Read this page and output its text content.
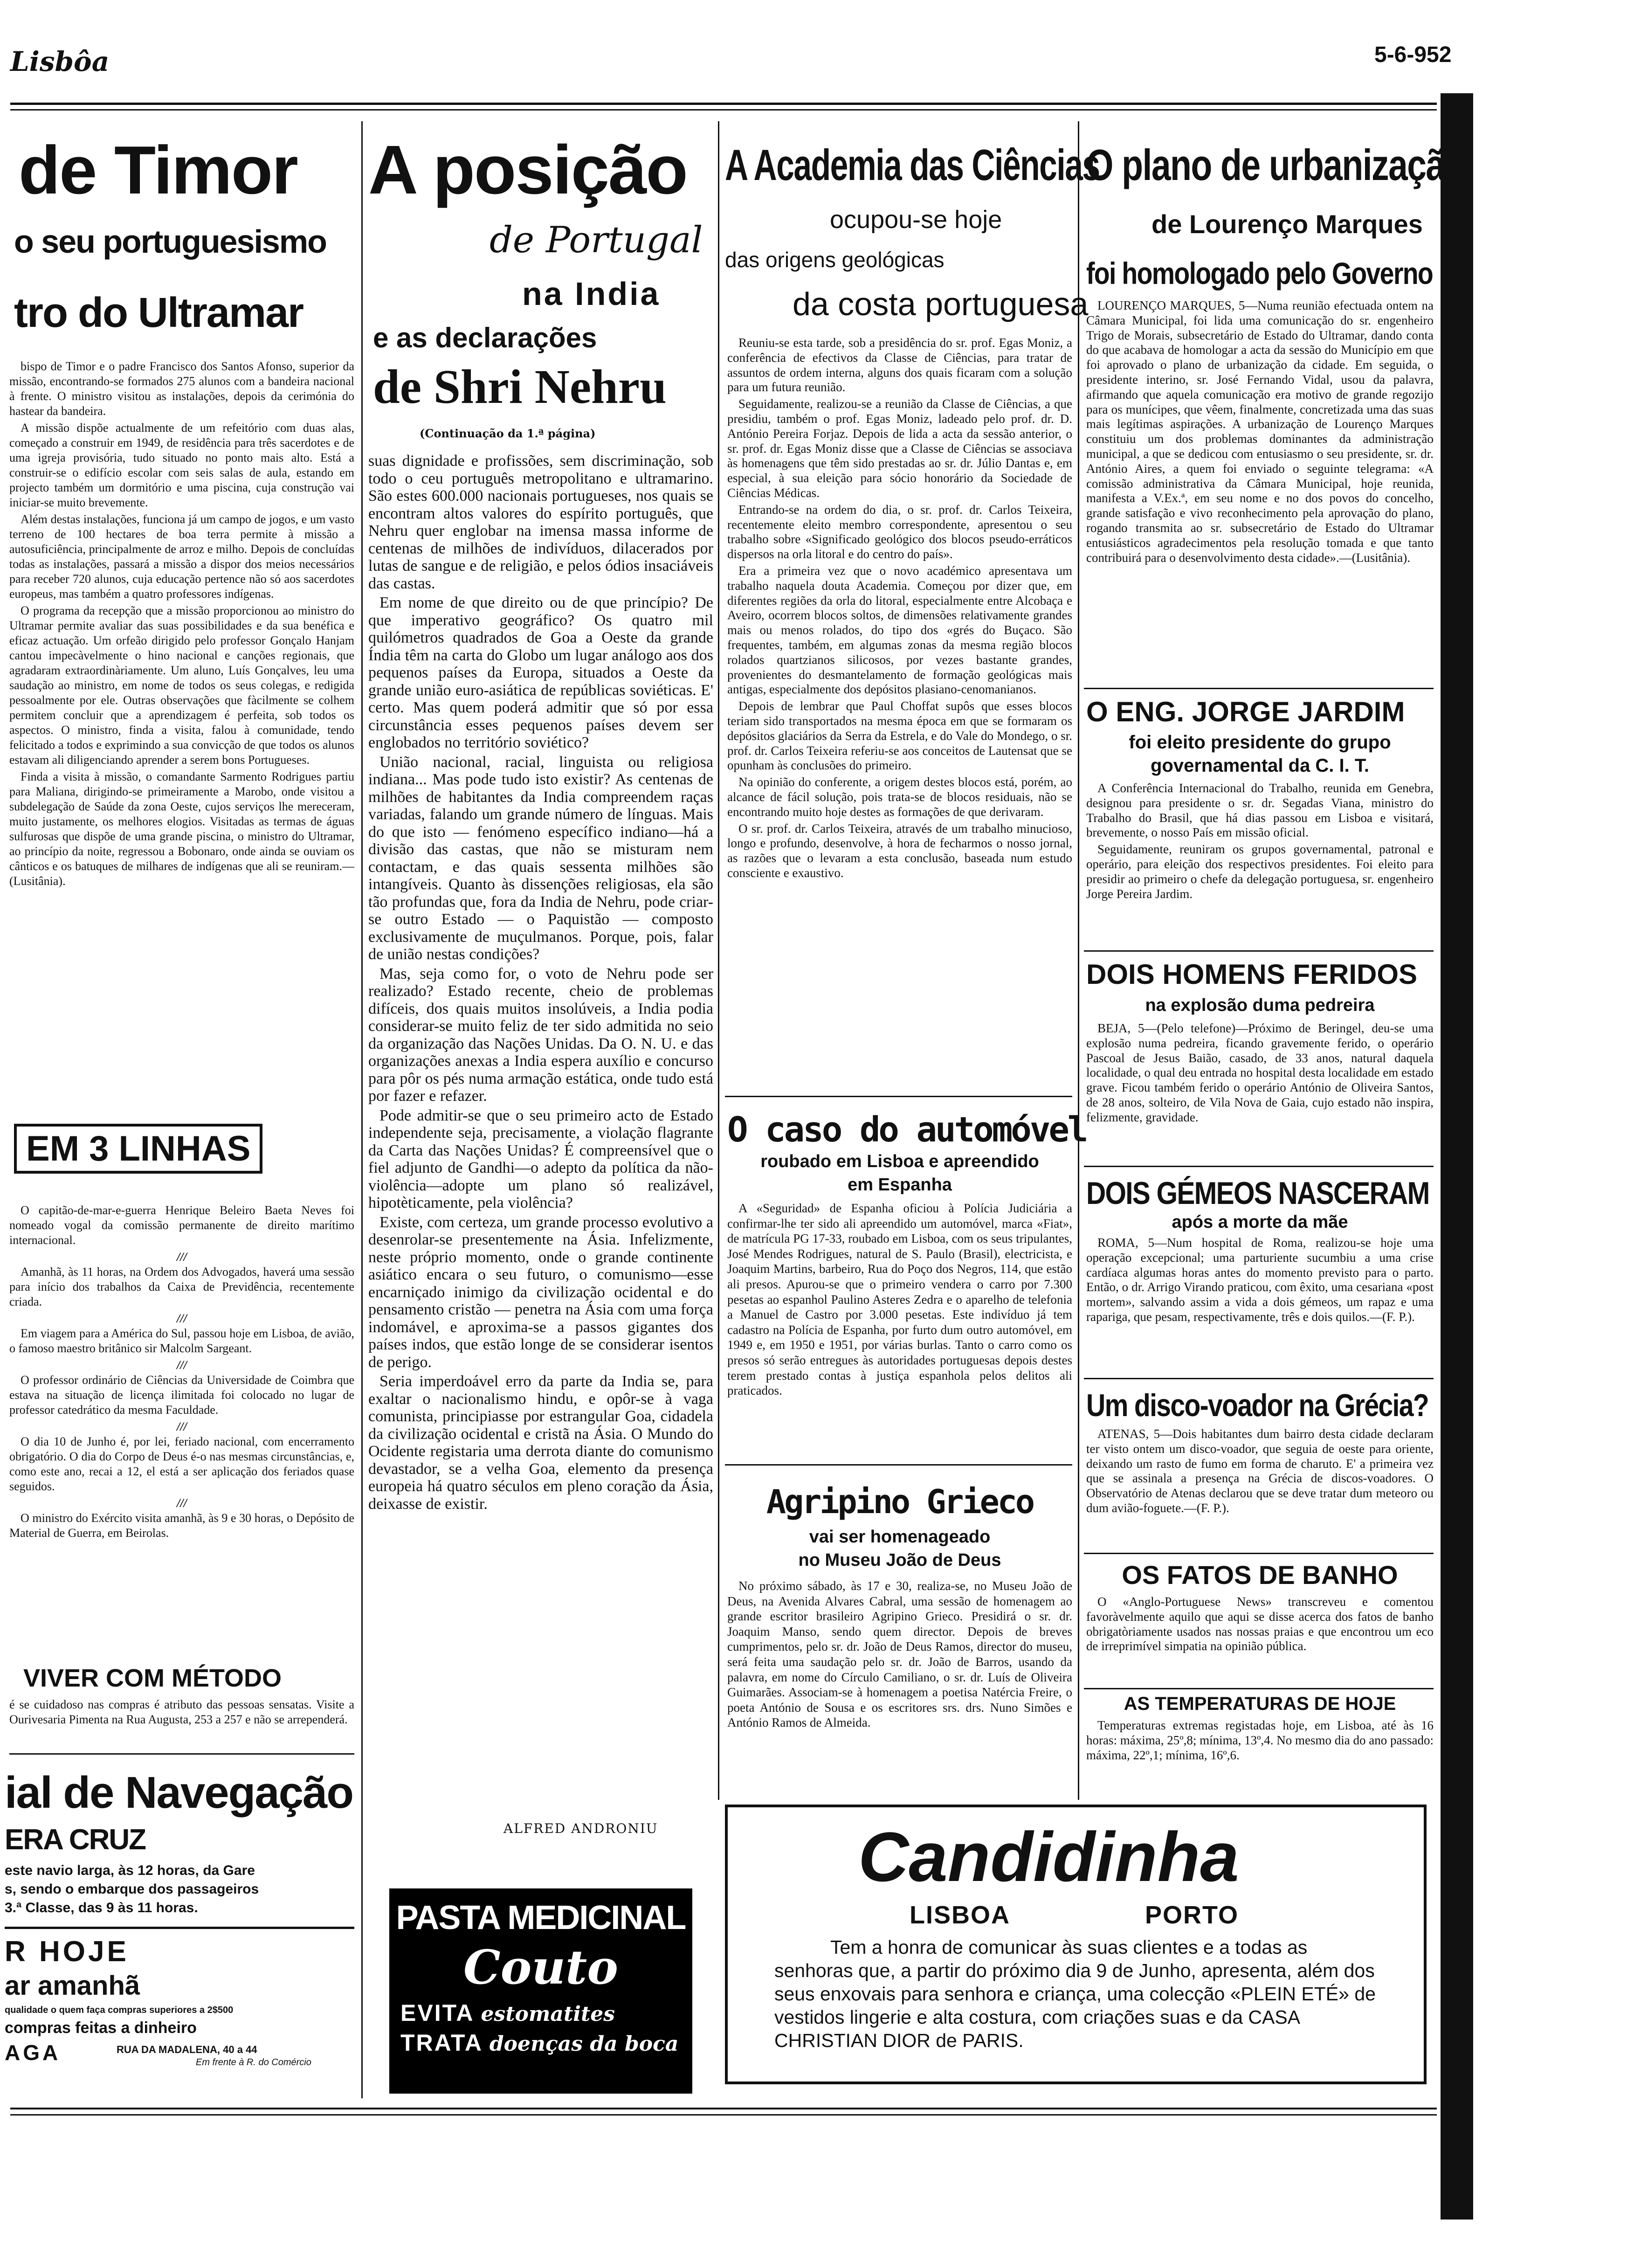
Lisbôa	5-6-952
de Timor
o seu portuguesismo
tro do Ultramar

bispo de Timor e o padre Francisco dos Santos Afonso, superior da missão, encontrando-se formados 275 alunos com a bandeira nacional à frente. O ministro visitou as instalações, depois da cerimónia do hastear da bandeira.

A missão dispõe actualmente de um refeitório com duas alas, começado a construir em 1949, de residência para três sacerdotes e de uma igreja provisória, tudo situado no ponto mais alto. Está a construir-se o edifício escolar com seis salas de aula, estando em projecto também um dormitório e uma piscina, cuja construção vai iniciar-se muito brevemente.

Além destas instalações, funciona já um campo de jogos, e um vasto terreno de 100 hectares de boa terra permite à missão a autosuficiência, principalmente de arroz e milho. Depois de concluídas todas as instalações, passará a missão a dispor dos meios necessários para receber 720 alunos, cuja educação pertence não só aos sacerdotes europeus, mas também a quatro professores indígenas.

O programa da recepção que a missão proporcionou ao ministro do Ultramar permite avaliar das suas possibilidades e da sua benéfica e eficaz actuação. Um orfeão dirigido pelo professor Gonçalo Hanjam cantou impecàvelmente o hino nacional e canções regionais, que agradaram extraordinàriamente. Um aluno, Luís Gonçalves, leu uma saudação ao ministro, em nome de todos os seus colegas, e redigida pessoalmente por ele. Outras observações que fàcilmente se colhem permitem concluir que a aprendizagem é perfeita, sob todos os aspectos. O ministro, finda a visita, falou à comunidade, tendo felicitado a todos e exprimindo a sua convicção de que todos os alunos estavam ali diligenciando aprender a serem bons Portugueses.

Finda a visita à missão, o comandante Sarmento Rodrigues partiu para Maliana, dirigindo-se primeiramente a Marobo, onde visitou a subdelegação de Saúde da zona Oeste, cujos serviços lhe mereceram, muito justamente, os melhores elogios. Visitadas as termas de águas sulfurosas que dispõe de uma grande piscina, o ministro do Ultramar, ao princípio da noite, regressou a Bobonaro, onde ainda se ouviam os cânticos e os batuques de milhares de indígenas que ali se reuniram.—(Lusitânia).

EM 3 LINHAS

O capitão-de-mar-e-guerra Henrique Beleiro Baeta Neves foi nomeado vogal da comissão permanente de direito marítimo internacional.

///

Amanhã, às 11 horas, na Ordem dos Advogados, haverá uma sessão para início dos trabalhos da Caixa de Previdência, recentemente criada.

///

Em viagem para a América do Sul, passou hoje em Lisboa, de avião, o famoso maestro britânico sir Malcolm Sargeant.

///

O professor ordinário de Ciências da Universidade de Coimbra que estava na situação de licença ilimitada foi colocado no lugar de professor catedrático da mesma Faculdade.

///

O dia 10 de Junho é, por lei, feriado nacional, com encerramento obrigatório. O dia do Corpo de Deus é-o nas mesmas circunstâncias, e, como este ano, recai a 12, el está a ser aplicação dos feriados quase seguidos.

///

O ministro do Exército visita amanhã, às 9 e 30 horas, o Depósito de Material de Guerra, em Beirolas.

VIVER COM MÉTODO
é se cuidadoso nas compras é atributo das pessoas sensatas. Visite a Ourivesaria Pimenta na Rua Augusta, 253 a 257 e não se arrependerá.
ial de Navegação
ERA CRUZ
este navio larga, às 12 horas, da Gare
s, sendo o embarque dos passageiros
3.ª Classe, das 9 às 11 horas.
R HOJE
ar amanhã
qualidade o quem faça compras superiores a 2$500
compras feitas a dinheiro
AGA	RUA DA MADALENA, 40 a 44
Em frente à R. do Comércio
A posição
de Portugal
na India
e as declarações
de Shri Nehru
(Continuação da 1.ª página)

suas dignidade e profissões, sem discriminação, sob todo o ceu português metropolitano e ultramarino. São estes 600.000 nacionais portugueses, nos quais se encontram altos valores do espírito português, que Nehru quer englobar na imensa massa informe de centenas de milhões de indivíduos, dilacerados por lutas de sangue e de religião, e pelos ódios insaciáveis das castas.

Em nome de que direito ou de que princípio? De que imperativo geográfico? Os quatro mil quilómetros quadrados de Goa a Oeste da grande Índia têm na carta do Globo um lugar análogo aos dos pequenos países da Europa, situados a Oeste da grande união euro-asiática de repúblicas soviéticas. E' certo. Mas quem poderá admitir que só por essa circunstância esses pequenos países devem ser englobados no território soviético?

União nacional, racial, linguista ou religiosa indiana... Mas pode tudo isto existir? As centenas de milhões de habitantes da India compreendem raças variadas, falando um grande número de línguas. Mais do que isto — fenómeno específico indiano—há a divisão das castas, que não se misturam nem contactam, e das quais sessenta milhões são intangíveis. Quanto às dissenções religiosas, ela são tão profundas que, fora da India de Nehru, pode criar-se outro Estado — o Paquistão — composto exclusivamente de muçulmanos. Porque, pois, falar de união nestas condições?

Mas, seja como for, o voto de Nehru pode ser realizado? Estado recente, cheio de problemas difíceis, dos quais muitos insolúveis, a India podia considerar-se muito feliz de ter sido admitida no seio da organização das Nações Unidas. Da O. N. U. e das organizações anexas a India espera auxílio e concurso para pôr os pés numa armação estática, onde tudo está por fazer e refazer.

Pode admitir-se que o seu primeiro acto de Estado independente seja, precisamente, a violação flagrante da Carta das Nações Unidas? É compreensível que o fiel adjunto de Gandhi—o adepto da política da não-violência—adopte um plano só realizável, hipotèticamente, pela violência?

Existe, com certeza, um grande processo evolutivo a desenrolar-se presentemente na Ásia. Infelizmente, neste próprio momento, onde o grande continente asiático encara o seu futuro, o comunismo—esse encarniçado inimigo da civilização ocidental e do pensamento cristão — penetra na Ásia com uma força indomável, e aproxima-se a passos gigantes dos países indos, que estão longe de se considerar isentos de perigo.

Seria imperdoável erro da parte da India se, para exaltar o nacionalismo hindu, e opôr-se à vaga comunista, principiasse por estrangular Goa, cidadela da civilização ocidental e cristã na Ásia. O Mundo do Ocidente registaria uma derrota diante do comunismo devastador, se a velha Goa, elemento da presença europeia há quatro séculos em pleno coração da Ásia, deixasse de existir.

ALFRED ANDRONIU
PASTA MEDICINAL
Couto
EVITA estomatites
TRATA doenças da boca
A Academia das Ciências
ocupou-se hoje
das origens geológicas
da costa portuguesa

Reuniu-se esta tarde, sob a presidência do sr. prof. Egas Moniz, a conferência de efectivos da Classe de Ciências, para tratar de assuntos de ordem interna, alguns dos quais ficaram com a solução para um futura reunião.

Seguidamente, realizou-se a reunião da Classe de Ciências, a que presidiu, também o prof. Egas Moniz, ladeado pelo prof. dr. D. António Pereira Forjaz. Depois de lida a acta da sessão anterior, o sr. prof. dr. Egas Moniz disse que a Classe de Ciências se associava às homenagens que têm sido prestadas ao sr. dr. Júlio Dantas e, em especial, à sua eleição para sócio honorário da Sociedade de Ciências Médicas.

Entrando-se na ordem do dia, o sr. prof. dr. Carlos Teixeira, recentemente eleito membro correspondente, apresentou o seu trabalho sobre «Significado geológico dos blocos pseudo-erráticos dispersos na orla litoral e do centro do país».

Era a primeira vez que o novo académico apresentava um trabalho naquela douta Academia. Começou por dizer que, em diferentes regiões da orla do litoral, especialmente entre Alcobaça e Aveiro, ocorrem blocos soltos, de dimensões relativamente grandes mais ou menos rolados, do tipo dos «grés do Buçaco. São frequentes, também, em algumas zonas da mesma região blocos rolados quartzianos silicosos, por vezes bastante grandes, provenientes do desmantelamento de formação geológicas mais antigas, especialmente dos depósitos plasiano-cenomanianos.

Depois de lembrar que Paul Choffat supôs que esses blocos teriam sido transportados na mesma época em que se formaram os depósitos glaciários da Serra da Estrela, e do Vale do Mondego, o sr. prof. dr. Carlos Teixeira referiu-se aos conceitos de Lautensat que se opunham às conclusões do primeiro.

Na opinião do conferente, a origem destes blocos está, porém, ao alcance de fácil solução, pois trata-se de blocos residuais, não se encontrando muito hoje destes as formações de que derivaram.

O sr. prof. dr. Carlos Teixeira, através de um trabalho minucioso, longo e profundo, desenvolve, à hora de fecharmos o nosso jornal, as razões que o levaram a esta conclusão, baseada num estudo consciente e exaustivo.

O caso do automóvel
roubado em Lisboa e apreendido
em Espanha
A «Seguridad» de Espanha oficiou à Polícia Judiciária a confirmar-lhe ter sido ali apreendido um automóvel, marca «Fiat», de matrícula PG 17-33, roubado em Lisboa, com os seus tripulantes, José Mendes Rodrigues, natural de S. Paulo (Brasil), electricista, e Joaquim Martins, barbeiro, Rua do Poço dos Negros, 114, que estão ali presos. Apurou-se que o primeiro vendera o carro por 7.300 pesetas ao espanhol Paulino Asteres Zedra e o aparelho de telefonia a Manuel de Castro por 3.000 pesetas. Este indivíduo já tem cadastro na Polícia de Espanha, por furto dum outro automóvel, em 1949 e, em 1950 e 1951, por várias burlas. Tanto o carro como os presos só serão entregues às autoridades portuguesas depois destes terem prestado contas à justiça espanhola pelos delitos ali praticados.
Agripino Grieco
vai ser homenageado
no Museu João de Deus
No próximo sábado, às 17 e 30, realiza-se, no Museu João de Deus, na Avenida Alvares Cabral, uma sessão de homenagem ao grande escritor brasileiro Agripino Grieco. Presidirá o sr. dr. Joaquim Manso, sendo quem director. Depois de breves cumprimentos, pelo sr. dr. João de Deus Ramos, director do museu, será feita uma saudação pelo sr. dr. João de Barros, usando da palavra, em nome do Círculo Camiliano, o sr. dr. Luís de Oliveira Guimarães. Associam-se à homenagem a poetisa Natércia Freire, o poeta António de Sousa e os escritores srs. drs. Nuno Simões e António Ramos de Almeida.
O plano de urbanização
de Lourenço Marques
foi homologado pelo Governo
LOURENÇO MARQUES, 5—Numa reunião efectuada ontem na Câmara Municipal, foi lida uma comunicação do sr. engenheiro Trigo de Morais, subsecretário de Estado do Ultramar, dando conta do que acabava de homologar a acta da sessão do Município em que foi aprovado o plano de urbanização da cidade. Em seguida, o presidente interino, sr. José Fernando Vidal, usou da palavra, afirmando que aquela comunicação era motivo de grande regozijo para os munícipes, que vêem, finalmente, concretizada uma das suas mais legítimas aspirações. A urbanização de Lourenço Marques constituiu um dos problemas dominantes da administração municipal, a que se dedicou com entusiasmo o seu presidente, sr. dr. António Aires, a quem foi enviado o seguinte telegrama: «A comissão administrativa da Câmara Municipal, hoje reunida, manifesta a V.Ex.ª, em seu nome e no dos povos do concelho, grande satisfação e vivo reconhecimento pela aprovação do plano, rogando transmita ao sr. subsecretário de Estado do Ultramar entusiásticos agradecimentos pela resolução tomada e que tanto contribuirá para o desenvolvimento desta cidade».—(Lusitânia).
O ENG. JORGE JARDIM
foi eleito presidente do grupo
governamental da C. I. T.

A Conferência Internacional do Trabalho, reunida em Genebra, designou para presidente o sr. dr. Segadas Viana, ministro do Trabalho do Brasil, que há dias passou em Lisboa e visitará, brevemente, o nosso País em missão oficial.

Seguidamente, reuniram os grupos governamental, patronal e operário, para eleição dos respectivos presidentes. Foi eleito para presidir ao primeiro o chefe da delegação portuguesa, sr. engenheiro Jorge Pereira Jardim.

DOIS HOMENS FERIDOS
na explosão duma pedreira
BEJA, 5—(Pelo telefone)—Próximo de Beringel, deu-se uma explosão numa pedreira, ficando gravemente ferido, o operário Pascoal de Jesus Baião, casado, de 33 anos, natural daquela localidade, o qual deu entrada no hospital desta localidade em estado grave. Ficou também ferido o operário António de Oliveira Santos, de 28 anos, solteiro, de Vila Nova de Gaia, cujo estado não inspira, felizmente, gravidade.
DOIS GÉMEOS NASCERAM
após a morte da mãe
ROMA, 5—Num hospital de Roma, realizou-se hoje uma operação excepcional; uma parturiente sucumbiu a uma crise cardíaca algumas horas antes do momento previsto para o parto. Então, o dr. Arrigo Virando praticou, com êxito, uma cesariana «post mortem», salvando assim a vida a dois gémeos, um rapaz e uma rapariga, que pesam, respectivamente, três e dois quilos.—(F. P.).
Um disco-voador na Grécia?
ATENAS, 5—Dois habitantes dum bairro desta cidade declaram ter visto ontem um disco-voador, que seguia de oeste para oriente, deixando um rasto de fumo em forma de charuto. E' a primeira vez que se assinala a presença na Grécia de discos-voadores. O Observatório de Atenas declarou que se deve tratar dum meteoro ou dum avião-foguete.—(F. P.).
OS FATOS DE BANHO
O «Anglo-Portuguese News» transcreveu e comentou favoràvelmente aquilo que aqui se disse acerca dos fatos de banho obrigatòriamente usados nas nossas praias e que encontrou um eco de irreprimível simpatia na opinião pública.
AS TEMPERATURAS DE HOJE
Temperaturas extremas registadas hoje, em Lisboa, até às 16 horas: máxima, 25º,8; mínima, 13º,4. No mesmo dia do ano passado: máxima, 22º,1; mínima, 16º,6.
Candidinha
LISBOA	PORTO
Tem a honra de comunicar às suas clientes e a todas as senhoras que, a partir do próximo dia 9 de Junho, apresenta, além dos seus enxovais para senhora e criança, uma colecção «PLEIN ETÉ» de vestidos lingerie e alta costura, com criações suas e da CASA CHRISTIAN DIOR de PARIS.
